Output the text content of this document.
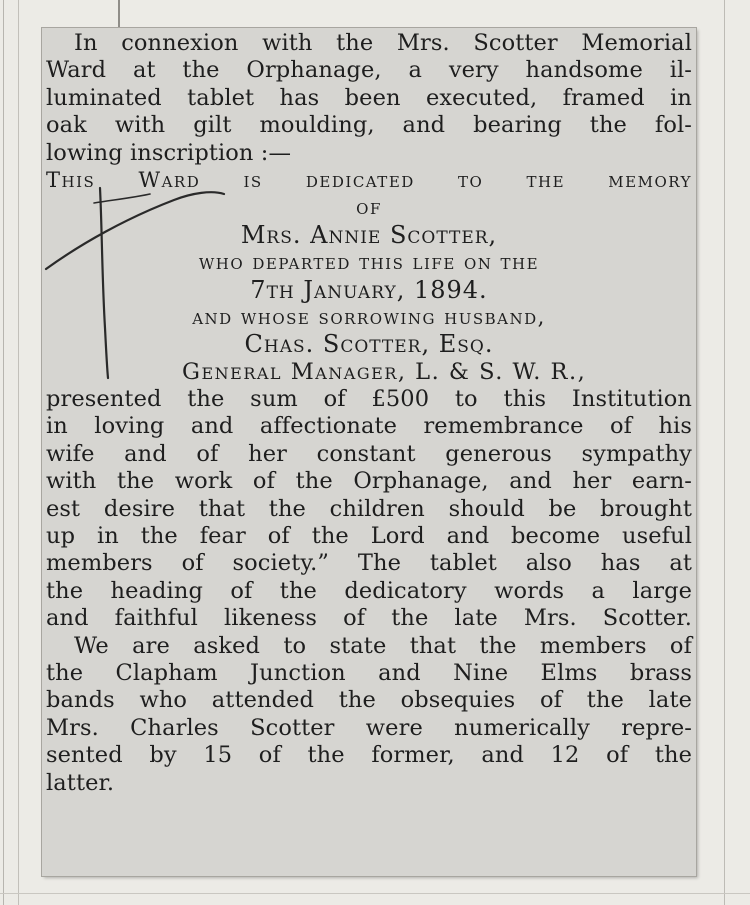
In connexion with the Mrs. Scotter Memorial
Ward at the Orphanage, a very handsome il-
luminated tablet has been executed, framed in
oak with gilt moulding, and bearing the fol-
lowing inscription :—
This Ward is dedicated to the memory
of
Mrs. Annie Scotter,
who departed this life on the
7th January, 1894.
and whose sorrowing husband,
Chas. Scotter, Esq.
General Manager, L. & S. W. R.,
presented the sum of £500 to this Institution
in loving and affectionate remembrance of his
wife and of her constant generous sympathy
with the work of the Orphanage, and her earn-
est desire that the children should be brought
up in the fear of the Lord and become useful
members of society.” The tablet also has at
the heading of the dedicatory words a large
and faithful likeness of the late Mrs. Scotter.
We are asked to state that the members of
the Clapham Junction and Nine Elms brass
bands who attended the obsequies of the late
Mrs. Charles Scotter were numerically repre-
sented by 15 of the former, and 12 of the
latter.
